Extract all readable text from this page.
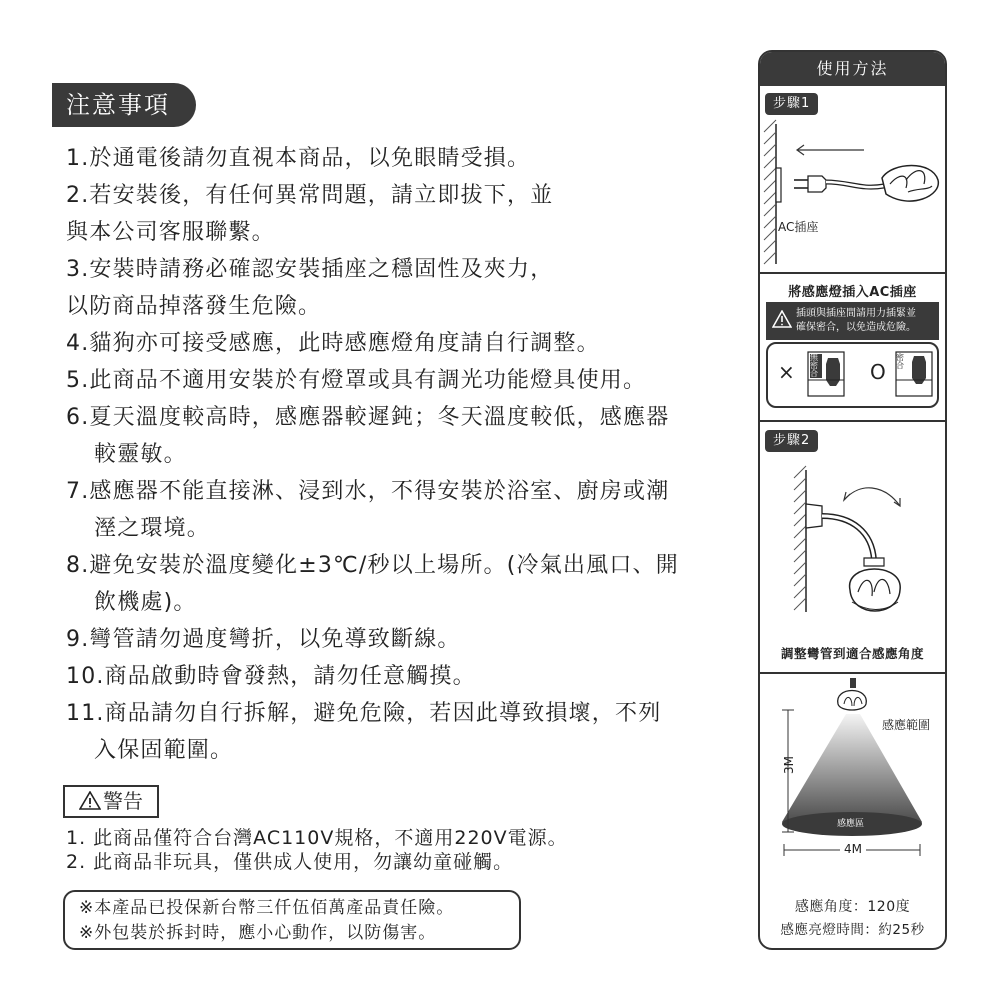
注意事項
1.於通電後請勿直視本商品，以免眼睛受損。
2.若安裝後，有任何異常問題，請立即拔下，並
與本公司客服聯繫。
3.安裝時請務必確認安裝插座之穩固性及夾力，
以防商品掉落發生危險。
4.貓狗亦可接受感應，此時感應燈角度請自行調整。
5.此商品不適用安裝於有燈罩或具有調光功能燈具使用。
6.夏天溫度較高時，感應器較遲鈍；冬天溫度較低，感應器
較靈敏。
7.感應器不能直接淋、浸到水，不得安裝於浴室、廚房或潮
溼之環境。
8.避免安裝於溫度變化±3℃/秒以上場所。(冷氣出風口、開
飲機處)。
9.彎管請勿過度彎折，以免導致斷線。
10.商品啟動時會發熱，請勿任意觸摸。
11.商品請勿自行拆解，避免危險，若因此導致損壞，不列
入保固範圍。
警告
1. 此商品僅符合台灣AC110V規格，不適用220V電源。
2. 此商品非玩具，僅供成人使用，勿讓幼童碰觸。
※本產品已投保新台幣三仟伍佰萬產品責任險。
※外包裝於拆封時，應小心動作，以防傷害。
使用方法
步驟1
AC插座
將感應燈插入AC插座
插頭與插座間請用力插緊並
確保密合，以免造成危險。
×
無密合	O
密合
步驟2
調整彎管到適合感應角度
感應範圍
3M
感應區
4M
感應角度：120度
感應亮燈時間：約25秒
